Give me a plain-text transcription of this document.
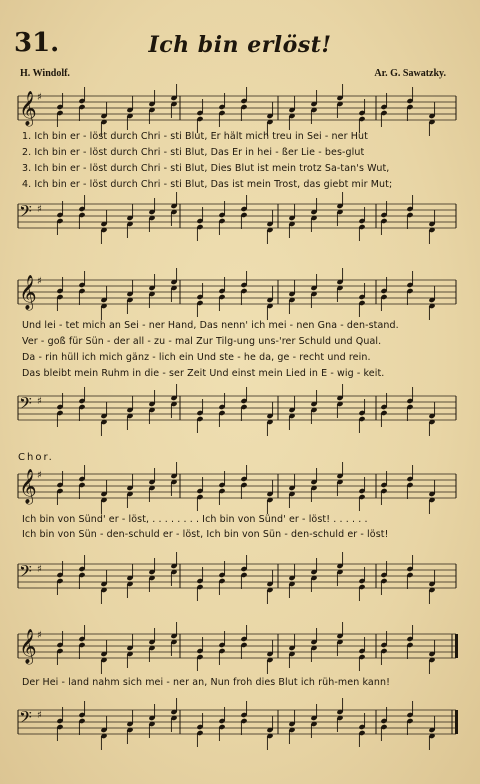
31.	Ich bin erlöst!
H. Windolf.	Ar. G. Sawatzky.
𝄞 ♯
1. Ich bin er - löst durch Chri - sti Blut, Er hält mich treu in Sei - ner Hut
2. Ich bin er - löst durch Chri - sti Blut, Das Er in hei - ßer Lie - bes-glut
3. Ich bin er - löst durch Chri - sti Blut, Dies Blut ist mein trotz Sa-tan's Wut,
4. Ich bin er - löst durch Chri - sti Blut, Das ist mein Trost, das giebt mir Mut;
𝄢 ♯
𝄞 ♯
Und lei - tet mich an Sei - ner Hand, Das nenn' ich mei - nen Gna - den-stand.
Ver - goß für Sün - der all - zu - mal Zur Tilg-ung uns-'rer Schuld und Qual.
Da - rin hüll ich mich gänz - lich ein Und ste - he da, ge - recht und rein.
Das bleibt mein Ruhm in die - ser Zeit Und einst mein Lied in E - wig - keit.
𝄢 ♯
Chor.
𝄞 ♯
Ich bin von Sünd' er - löst, . . . . . . . . Ich bin von Sünd' er - löst! . . . . . .
Ich bin von Sün - den-schuld er - löst, Ich bin von Sün - den-schuld er - löst!
𝄢 ♯
𝄞 ♯
Der Hei - land nahm sich mei - ner an, Nun froh dies Blut ich rüh-men kann!
𝄢 ♯
